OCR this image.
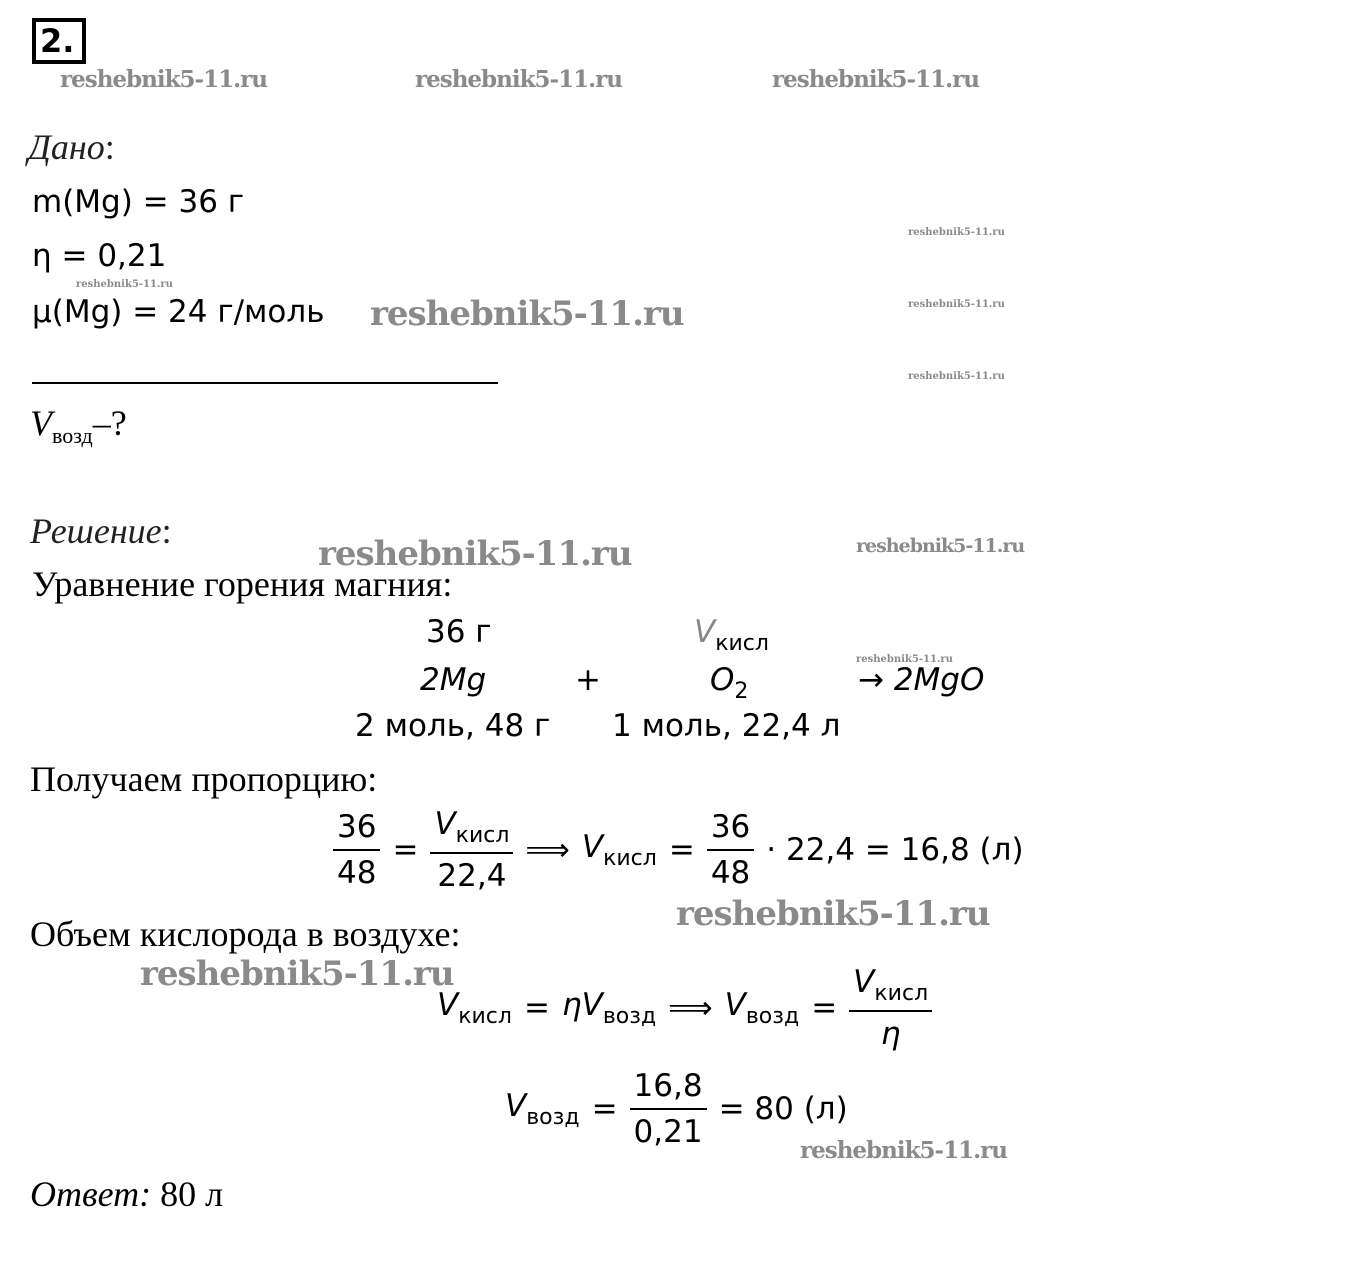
2.
reshebnik5-11.ru	reshebnik5-11.ru	reshebnik5-11.ru
reshebnik5-11.ru
reshebnik5-11.ru
reshebnik5-11.ru
reshebnik5-11.ru
reshebnik5-11.ru
reshebnik5-11.ru	reshebnik5-11.ru
reshebnik5-11.ru
reshebnik5-11.ru
reshebnik5-11.ru
reshebnik5-11.ru
Дано:
m(Mg) = 36 г
η = 0,21
μ(Mg) = 24 г/моль
$V_{возд}-$?
Решение:
Уравнение горения магния:
36 г	$V_{кисл}$
2Mg	+	$O_2$	→ 2MgO
2 моль, 48 г 1 моль, 22,4 л
Получаем пропорцию:
$\frac{36}{48} = \frac{V_{кисл}}{22,4}$ ⟹ $V_{кисл} = \frac{36}{48} \cdot 22,4 = 16,8$ (л)
Объем кислорода в воздухе:
$V_{кисл} = \eta V_{возд}$ ⟹ $V_{возд} = \frac{V_{кисл}}{\eta}$
$V_{возд} = \frac{16,8}{0,21} = 80$ (л)
Ответ: 80 л
